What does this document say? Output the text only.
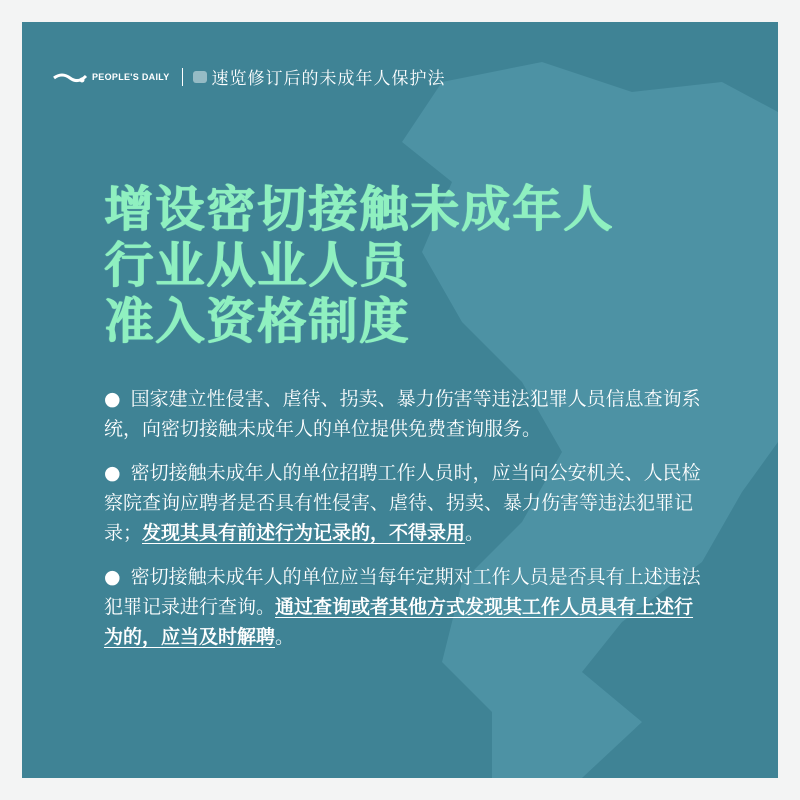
PEOPLE'S DAILY 速览修订后的未成年人保护法
增设密切接触未成年人
行业从业人员
准入资格制度

● 国家建立性侵害、虐待、拐卖、暴力伤害等违法犯罪人员信息查询系统，向密切接触未成年人的单位提供免费查询服务。

● 密切接触未成年人的单位招聘工作人员时，应当向公安机关、人民检察院查询应聘者是否具有性侵害、虐待、拐卖、暴力伤害等违法犯罪记录；发现其具有前述行为记录的，不得录用。

● 密切接触未成年人的单位应当每年定期对工作人员是否具有上述违法犯罪记录进行查询。通过查询或者其他方式发现其工作人员具有上述行为的，应当及时解聘。
